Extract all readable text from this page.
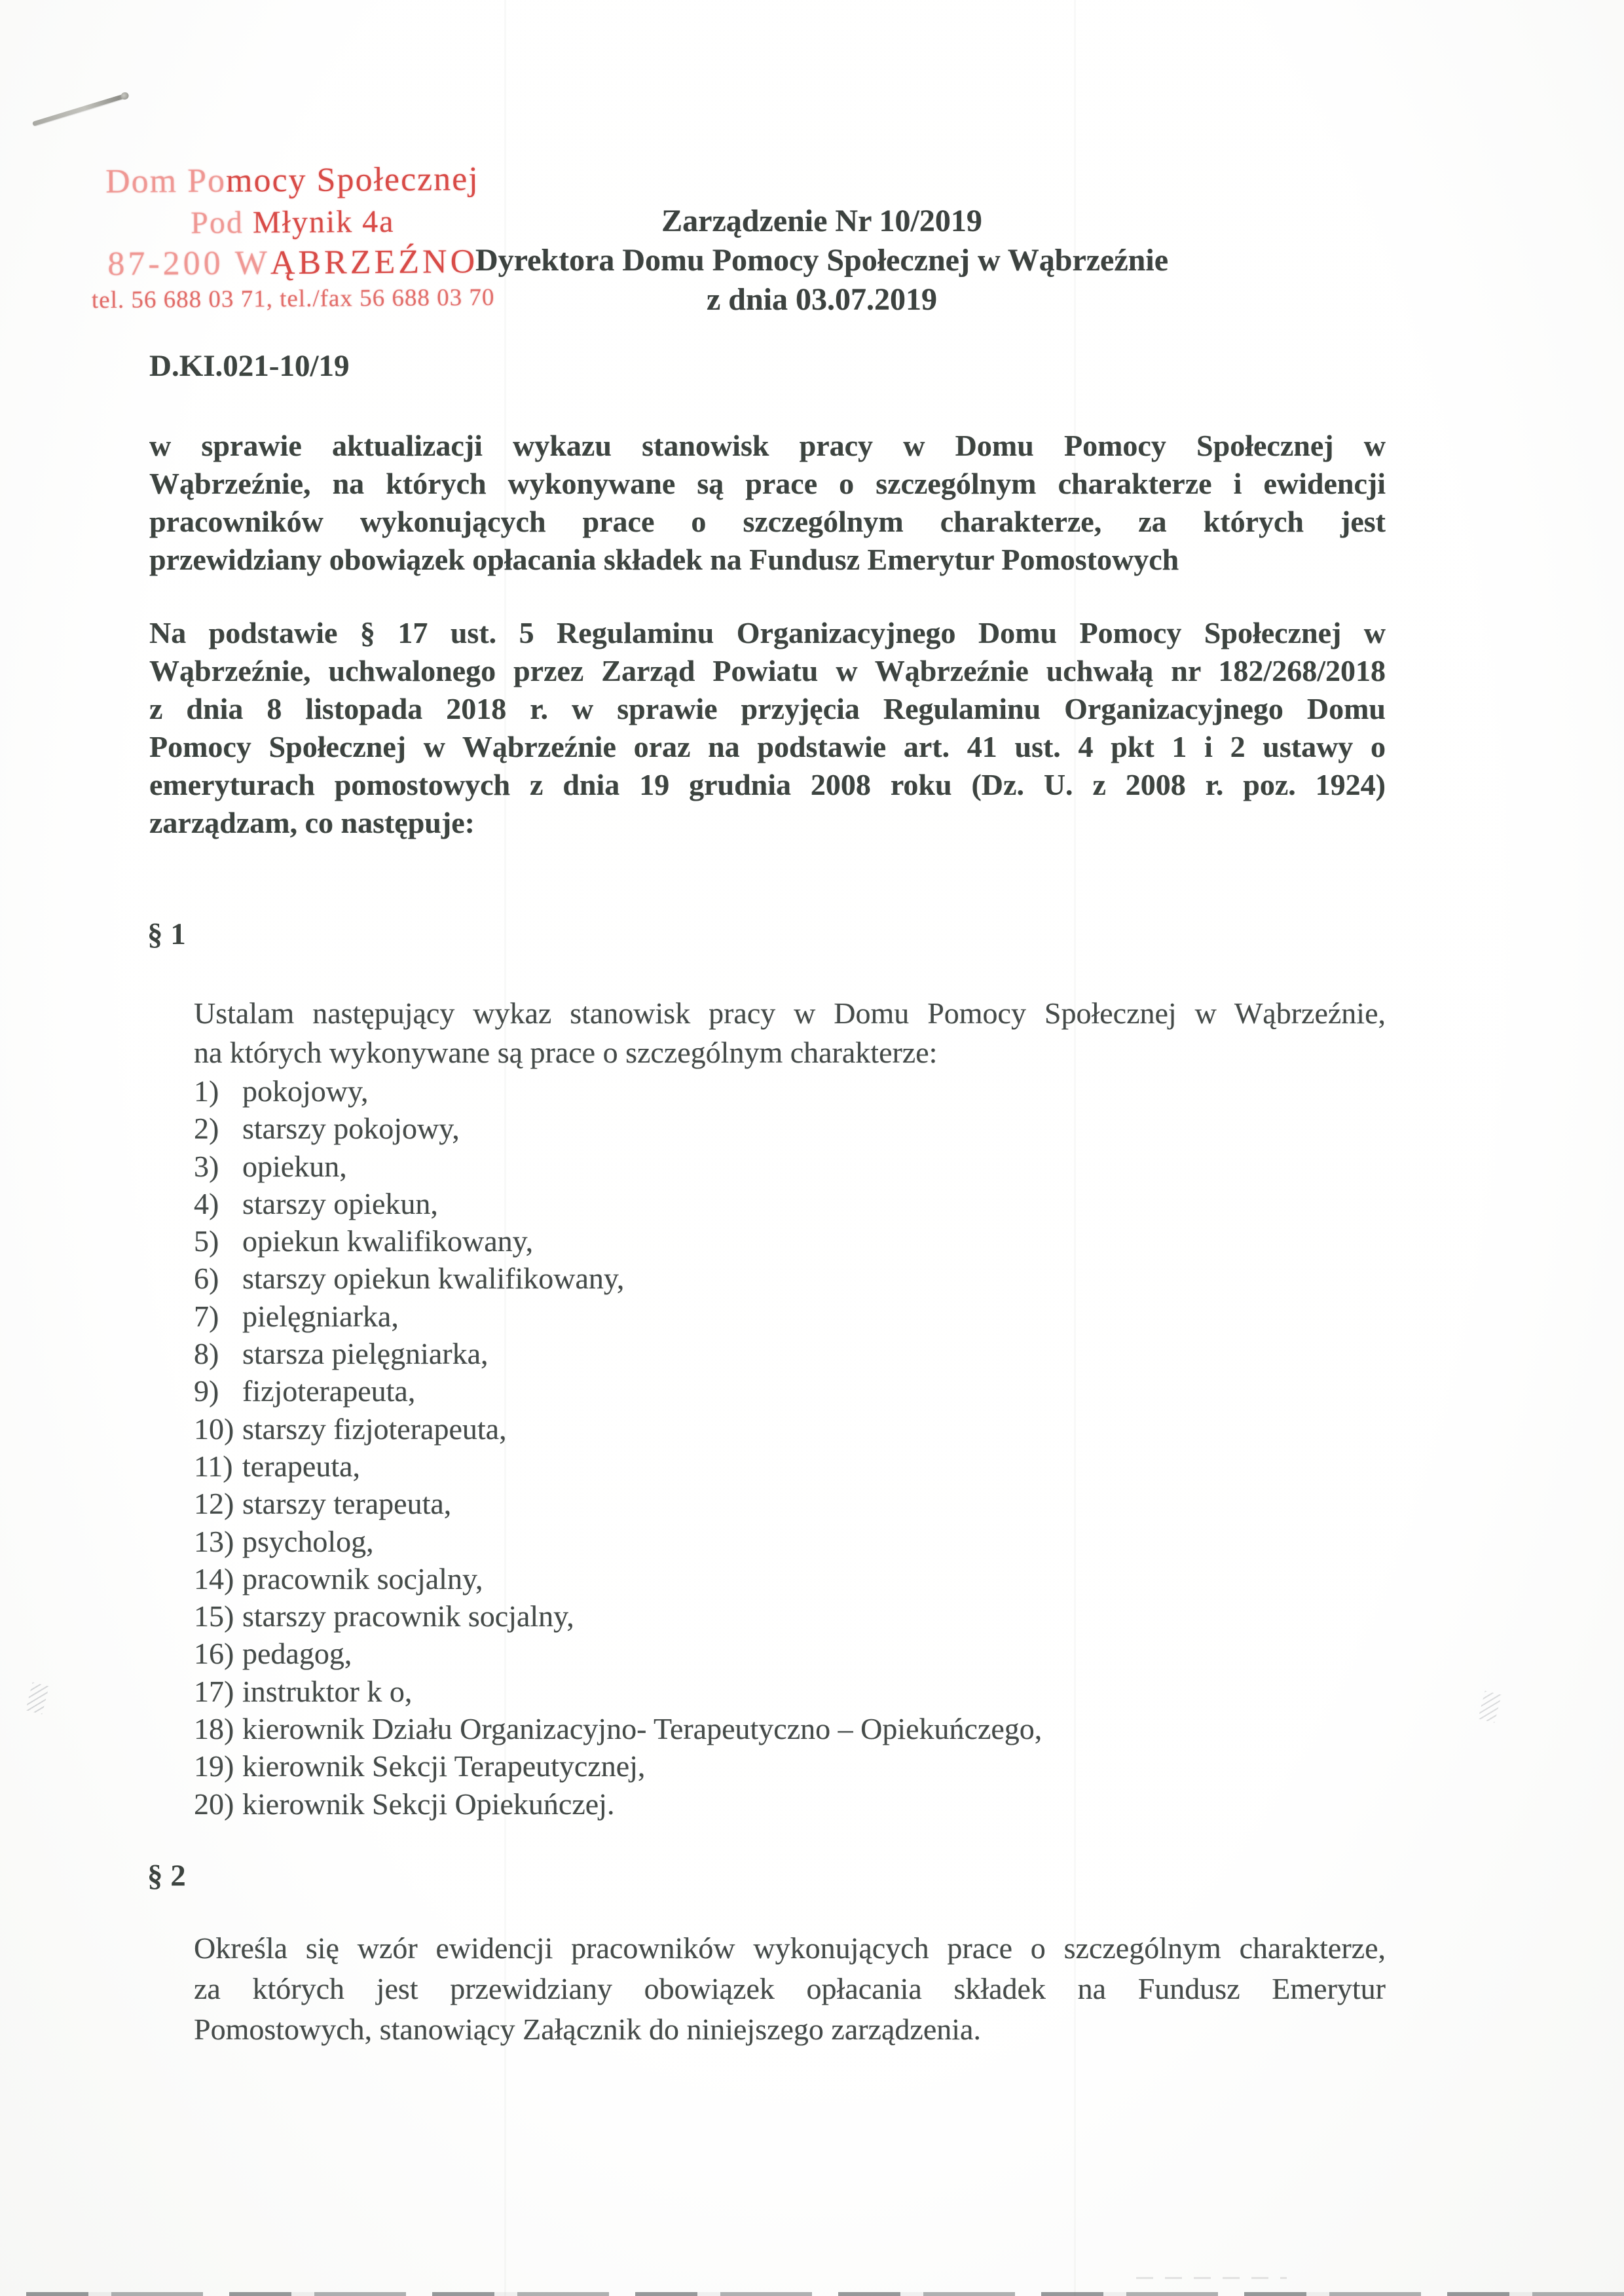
Dom Pomocy Społecznej
Pod Młynik 4a
87-200 WĄBRZEŹNO
tel. 56 688 03 71, tel./fax 56 688 03 70
Zarządzenie Nr 10/2019
Dyrektora Domu Pomocy Społecznej w Wąbrzeźnie
z dnia 03.07.2019
D.KI.021-10/19
w sprawie aktualizacji wykazu stanowisk pracy w Domu Pomocy Społecznej w
Wąbrzeźnie, na których wykonywane są prace o szczególnym charakterze i ewidencji
pracowników wykonujących prace o szczególnym charakterze, za których jest
przewidziany obowiązek opłacania składek na Fundusz Emerytur Pomostowych
Na podstawie § 17 ust. 5 Regulaminu Organizacyjnego Domu Pomocy Społecznej w
Wąbrzeźnie, uchwalonego przez Zarząd Powiatu w Wąbrzeźnie uchwałą nr 182/268/2018
z dnia 8 listopada 2018 r. w sprawie przyjęcia Regulaminu Organizacyjnego Domu
Pomocy Społecznej w Wąbrzeźnie oraz na podstawie art. 41 ust. 4 pkt 1 i 2 ustawy o
emeryturach pomostowych z dnia 19 grudnia 2008 roku (Dz. U. z 2008 r. poz. 1924)
zarządzam, co następuje:
§ 1
Ustalam następujący wykaz stanowisk pracy w Domu Pomocy Społecznej w Wąbrzeźnie,
na których wykonywane są prace o szczególnym charakterze:
1) pokojowy,
2) starszy pokojowy,
3) opiekun,
4) starszy opiekun,
5) opiekun kwalifikowany,
6) starszy opiekun kwalifikowany,
7) pielęgniarka,
8) starsza pielęgniarka,
9) fizjoterapeuta,
10) starszy fizjoterapeuta,
11) terapeuta,
12) starszy terapeuta,
13) psycholog,
14) pracownik socjalny,
15) starszy pracownik socjalny,
16) pedagog,
17) instruktor k o,
18) kierownik Działu Organizacyjno- Terapeutyczno – Opiekuńczego,
19) kierownik Sekcji Terapeutycznej,
20) kierownik Sekcji Opiekuńczej.
§ 2
Określa się wzór ewidencji pracowników wykonujących prace o szczególnym charakterze,
za których jest przewidziany obowiązek opłacania składek na Fundusz Emerytur
Pomostowych, stanowiący Załącznik do niniejszego zarządzenia.
